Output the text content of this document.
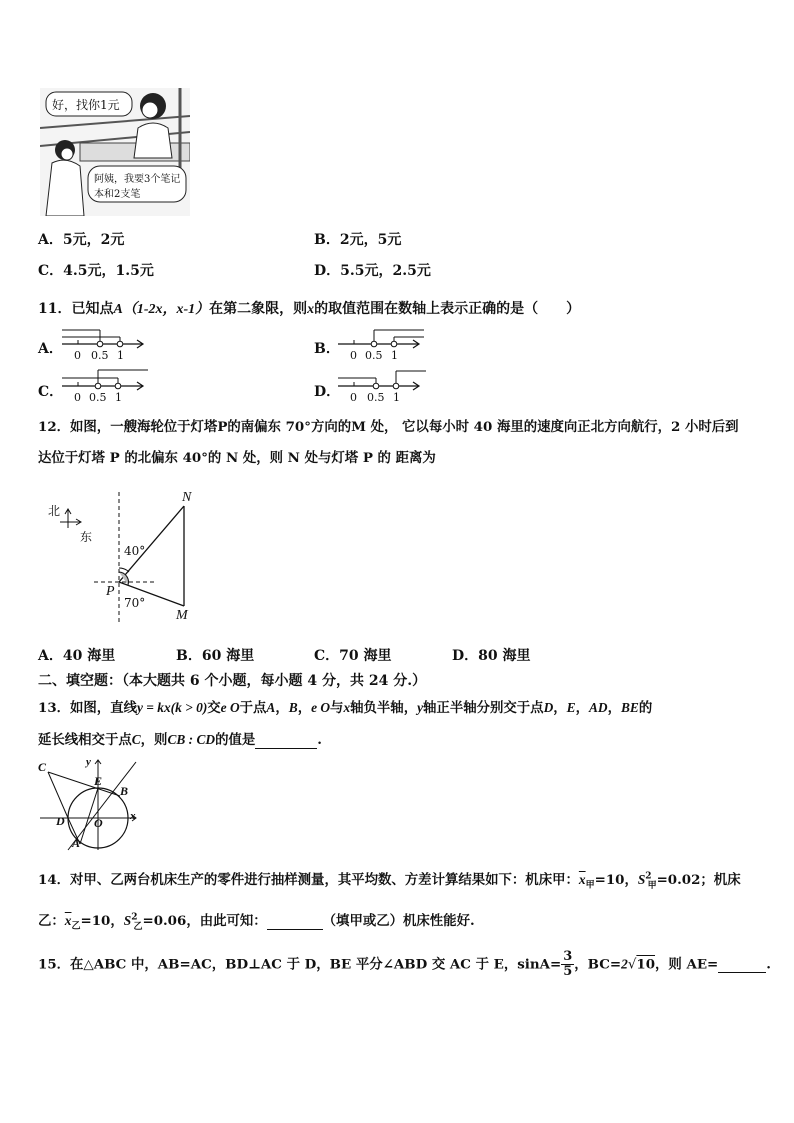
好，找你1元
阿姨，我要3个笔记
本和2支笔
A．5元，2元	B．2元，5元
C．4.5元，1.5元	D．5.5元，2.5元
11．已知点A（1-2x，x-1）在第二象限，则x的取值范围在数轴上表示正确的是（　　）
A． 0 0.5 1	B． 0 0.5 1
C． 0 0.5 1	D． 0 0.5 1
12．如图，一艘海轮位于灯塔P的南偏东 70°方向的M 处， 它以每小时 40 海里的速度向正北方向航行，2 小时后到
达位于灯塔 P 的北偏东 40°的 N 处，则 N 处与灯塔 P 的 距离为
北
东
N
P
M
40°
70°
A．40 海里	B．60 海里	C．70 海里	D．80 海里
二、填空题：（本大题共 6 个小题，每小题 4 分，共 24 分.）
13．如图，直线y = kx(k > 0)交e O于点A，B，e O与x轴负半轴，y轴正半轴分别交于点D，E，AD，BE的
延长线相交于点C，则CB : CD的值是	.
C
E
B
D O
A
x
y
14．对甲、乙两台机床生产的零件进行抽样测量，其平均数、方差计算结果如下：机床甲：$\overline{x}_甲=10$，$S^2_甲=0.02$；机床
乙：$\overline{x}_乙=10$，$S^2_乙=0.06$，由此可知：	（填甲或乙）机床性能好.
15．在△ABC 中，AB=AC，BD⊥AC 于 D，BE 平分∠ABD 交 AC 于 E，$\sin A= \frac{3}{5}$ ，BC=2√10，则 AE=	.
